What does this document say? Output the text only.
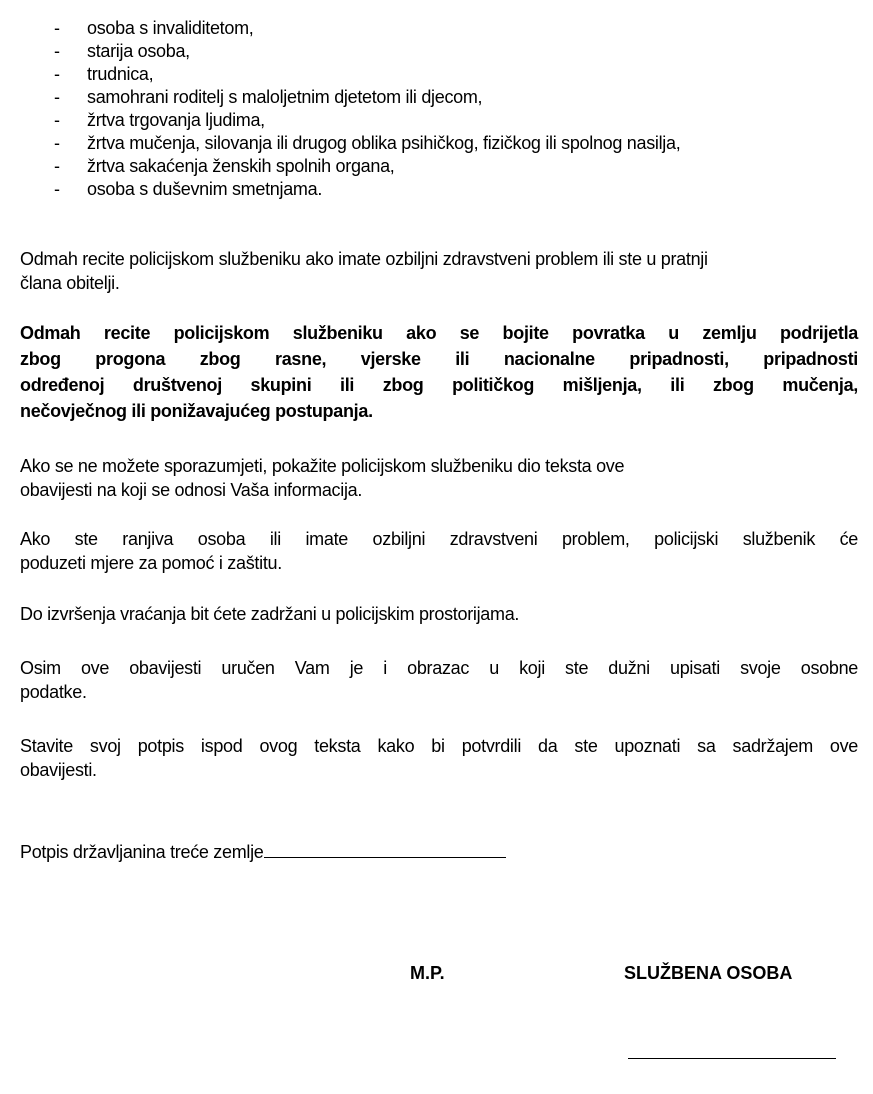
- osoba s invaliditetom,
- starija osoba,
- trudnica,
- samohrani roditelj s maloljetnim djetetom ili djecom,
- žrtva trgovanja ljudima,
- žrtva mučenja, silovanja ili drugog oblika psihičkog, fizičkog ili spolnog nasilja,
- žrtva sakaćenja ženskih spolnih organa,
- osoba s duševnim smetnjama.
Odmah recite policijskom službeniku ako imate ozbiljni zdravstveni problem ili ste u pratnji
člana obitelji.
Odmah recite policijskom službeniku ako se bojite povratka u zemlju podrijetla
zbog progona zbog rasne, vjerske ili nacionalne pripadnosti, pripadnosti
određenoj društvenoj skupini ili zbog političkog mišljenja, ili zbog mučenja,
nečovječnog ili ponižavajućeg postupanja.
Ako se ne možete sporazumjeti, pokažite policijskom službeniku dio teksta ove
obavijesti na koji se odnosi Vaša informacija.
Ako ste ranjiva osoba ili imate ozbiljni zdravstveni problem, policijski službenik će
poduzeti mjere za pomoć i zaštitu.
Do izvršenja vraćanja bit ćete zadržani u policijskim prostorijama.
Osim ove obavijesti uručen Vam je i obrazac u koji ste dužni upisati svoje osobne
podatke.
Stavite svoj potpis ispod ovog teksta kako bi potvrdili da ste upoznati sa sadržajem ove
obavijesti.
Potpis državljanina treće zemlje
M.P.	SLUŽBENA OSOBA
